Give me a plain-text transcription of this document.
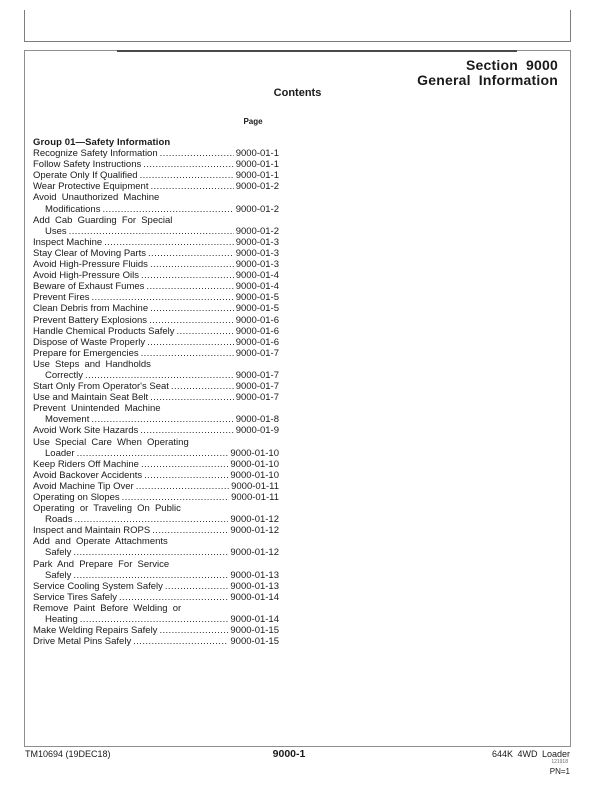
Section 9000
General Information
Contents
Page
Group 01—Safety Information
Recognize Safety Information .....	9000-01-1
Follow Safety Instructions .....	9000-01-1
Operate Only If Qualified .....	9000-01-1
Wear Protective Equipment .....	9000-01-2
Avoid Unauthorized Machine
Modifications .....	9000-01-2
Add Cab Guarding For Special
Uses .....	9000-01-2
Inspect Machine .....	9000-01-3
Stay Clear of Moving Parts .....	9000-01-3
Avoid High-Pressure Fluids .....	9000-01-3
Avoid High-Pressure Oils .....	9000-01-4
Beware of Exhaust Fumes .....	9000-01-4
Prevent Fires .....	9000-01-5
Clean Debris from Machine .....	9000-01-5
Prevent Battery Explosions .....	9000-01-6
Handle Chemical Products Safely .....	9000-01-6
Dispose of Waste Properly .....	9000-01-6
Prepare for Emergencies .....	9000-01-7
Use Steps and Handholds
Correctly .....	9000-01-7
Start Only From Operator's Seat .....	9000-01-7
Use and Maintain Seat Belt .....	9000-01-7
Prevent Unintended Machine
Movement .....	9000-01-8
Avoid Work Site Hazards .....	9000-01-9
Use Special Care When Operating
Loader .....	9000-01-10
Keep Riders Off Machine .....	9000-01-10
Avoid Backover Accidents .....	9000-01-10
Avoid Machine Tip Over .....	9000-01-11
Operating on Slopes .....	9000-01-11
Operating or Traveling On Public
Roads .....	9000-01-12
Inspect and Maintain ROPS .....	9000-01-12
Add and Operate Attachments
Safely .....	9000-01-12
Park And Prepare For Service
Safely .....	9000-01-13
Service Cooling System Safely .....	9000-01-13
Service Tires Safely .....	9000-01-14
Remove Paint Before Welding or
Heating .....	9000-01-14
Make Welding Repairs Safely .....	9000-01-15
Drive Metal Pins Safely .....	9000-01-15
TM10694 (19DEC18)	9000-1	644K 4WD Loader
121918
PN=1
